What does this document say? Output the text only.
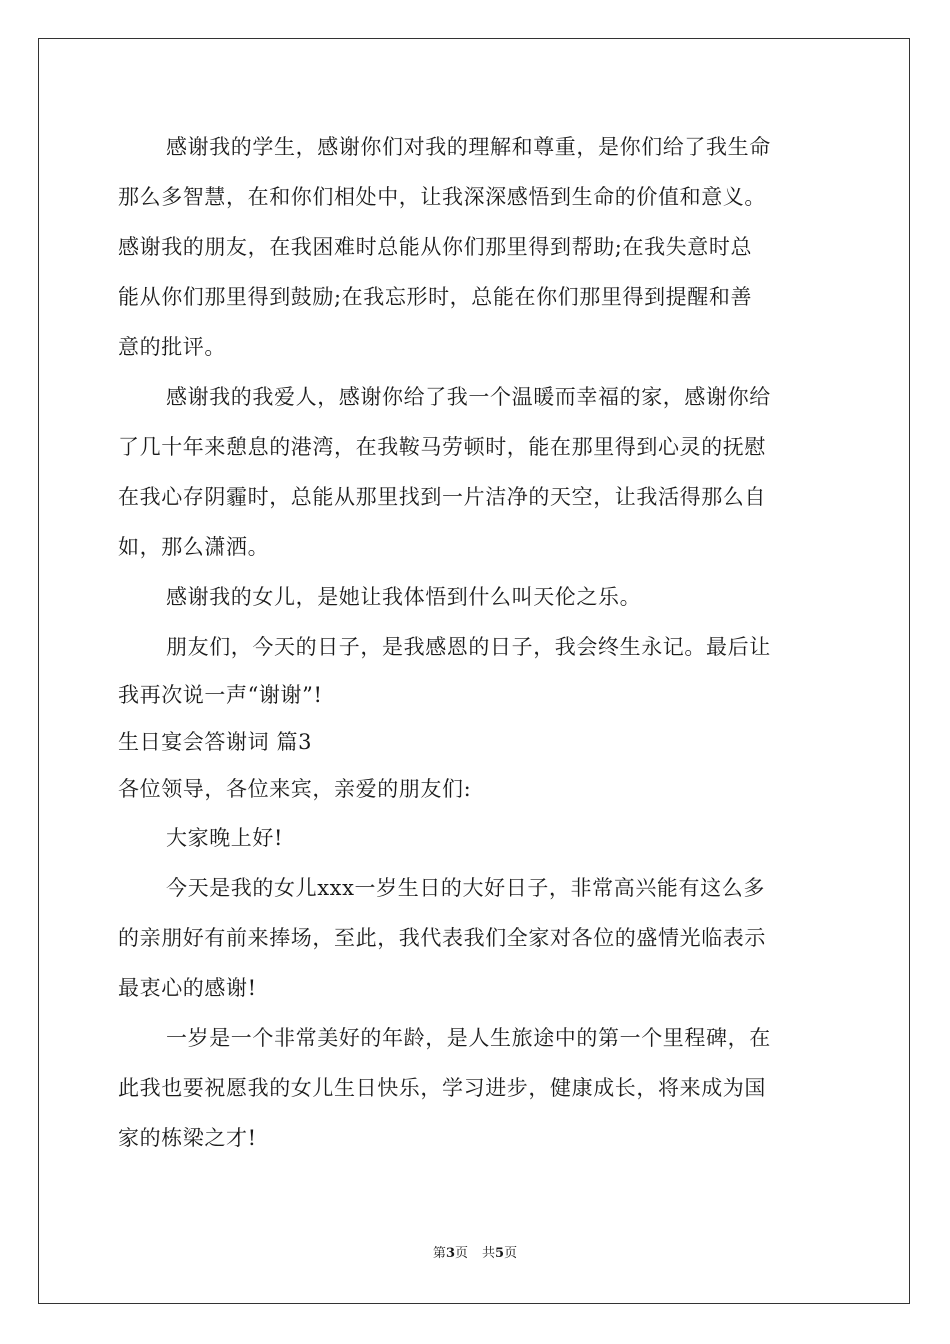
感谢我的学生，感谢你们对我的理解和尊重，是你们给了我生命
那么多智慧，在和你们相处中，让我深深感悟到生命的价值和意义。
感谢我的朋友，在我困难时总能从你们那里得到帮助;在我失意时总
能从你们那里得到鼓励;在我忘形时，总能在你们那里得到提醒和善
意的批评。
感谢我的我爱人，感谢你给了我一个温暖而幸福的家，感谢你给
了几十年来憩息的港湾，在我鞍马劳顿时，能在那里得到心灵的抚慰
在我心存阴霾时，总能从那里找到一片洁净的天空，让我活得那么自
如，那么潇洒。
感谢我的女儿，是她让我体悟到什么叫天伦之乐。
朋友们，今天的日子，是我感恩的日子，我会终生永记。最后让
我再次说一声“谢谢”!
生日宴会答谢词 篇3
各位领导，各位来宾，亲爱的朋友们:
大家晚上好!
今天是我的女儿xxx一岁生日的大好日子，非常高兴能有这么多
的亲朋好有前来捧场，至此，我代表我们全家对各位的盛情光临表示
最衷心的感谢!
一岁是一个非常美好的年龄，是人生旅途中的第一个里程碑，在
此我也要祝愿我的女儿生日快乐，学习进步，健康成长，将来成为国
家的栋梁之才!
第3页 共5页
